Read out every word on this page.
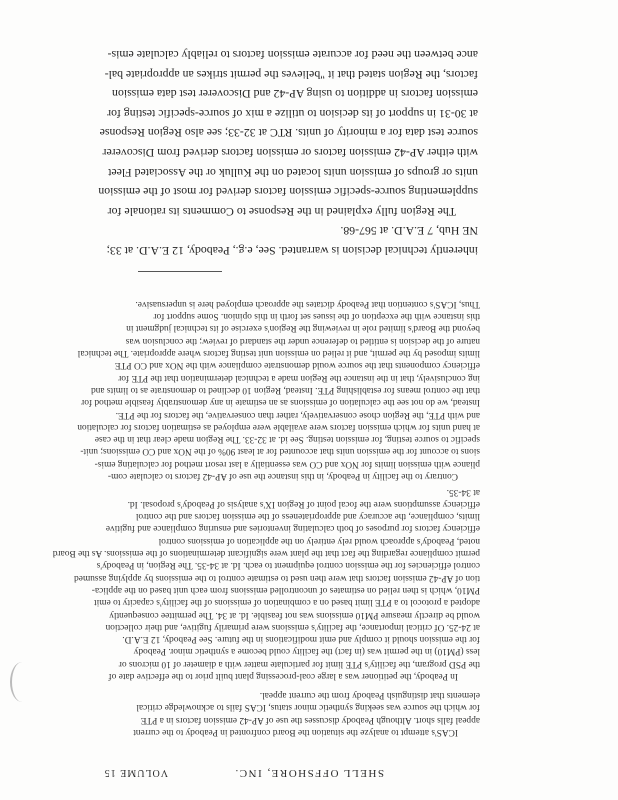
SHELL OFFSHORE, INC.
ICAS's attempt to analyze the situation the Board confronted in Peabody to the current
appeal falls short. Although Peabody discusses the use of AP-42 emission factors in a PTE
for which the source was seeking synthetic minor status, ICAS fails to acknowledge critical
elements that distinguish Peabody from the current appeal.
In Peabody, the petitioner was a large coal-processing plant built prior to the effective date of
the PSD program, the facility's PTE limit for particulate matter with a diameter of 10 microns or
less (PM10) in the permit was (in fact) the facility could become a synthetic minor. Peabody
for the emission should it comply and emit modifications in the future. See Peabody, 12 E.A.D.
at 24-25. Of critical importance, the facility's emissions were primarily fugitive, and their collection
would be directly measure PM10 emissions was not feasible. Id. at 34. The permittee consequently
adopted a protocol to a PTE limit based on a combination of emissions of the facility's capacity to emit
PM10, which is then relied on estimates of uncontrolled emissions from each unit based on the applica-
tion of AP-42 emission factors that were then used to estimate control to the emissions by applying assumed
control efficiencies for the emission control equipment to each. Id. at 34-35. The Region, in Peabody's
permit compliance regarding the fact that the plant were significant determinations of the emissions. As the Board
noted, Peabody's approach would rely entirely on the application of emissions control
efficiency factors for purposes of both calculating inventories and ensuring compliance and fugitive
limits, compliance, the accuracy and appropriateness of the emission factors and the control
efficiency assumptions were the focal point of Region IX's analysis of Peabody's proposal. Id.
at 34-35.
Contrary to the facility in Peabody, in this instance the use of AP-42 factors to calculate com-
pliance with emission limits for NOx and CO was essentially a last resort method for calculating emis-
sions to account for the emission units that accounted for at least 90% of the NOx and CO emissions; unit-
specific to source testing, for emission testing. See id. at 32-33. The Region made clear that in the case
at hand units for which emission factors were available were employed as estimation factors for calculation
and with PTE, the Region chose conservatively, rather than conservative, the factors for the PTE.
Instead, we do not see the calculation of emissions as an estimate in any demonstrably feasible method for
that the control means for establishing PTE. Instead, Region 10 declined to demonstrate as to limits and
ing conclusively, that in the instance the Region made a technical determination that the PTE for
efficiency components that the source would demonstrate compliance with the NOx and CO PTE
limits imposed by the permit, and it relied on emission unit testing factors where appropriate. The technical
nature of the decision is entitled to deference under the standard of review; the conclusion was
beyond the Board's limited role in reviewing the Region's exercise of its technical judgment in
this instance with the exception of the issues set forth in this opinion. Some support for
Thus, ICAS's contention that Peabody dictates the approach employed here is unpersuasive.
inherently technical decision is warranted. See, e.g., Peabody, 12 E.A.D. at 33;
NE Hub, 7 E.A.D. at 567-68.
The Region fully explained in the Response to Comments its rationale for
supplementing source-specific emission factors derived for most of the emission
units or groups of emission units located on the Kulluk or the Associated Fleet
with either AP-42 emission factors or emission factors derived from Discoverer
source test data for a minority of units. RTC at 32-33; see also Region Response
at 30-31 in support of its decision to utilize a mix of source-specific testing for
emission factors in addition to using AP-42 and Discoverer test data emission
factors, the Region stated that it "believes the permit strikes an appropriate bal-
ance between the need for accurate emission factors to reliably calculate emis-
VOLUME 15
